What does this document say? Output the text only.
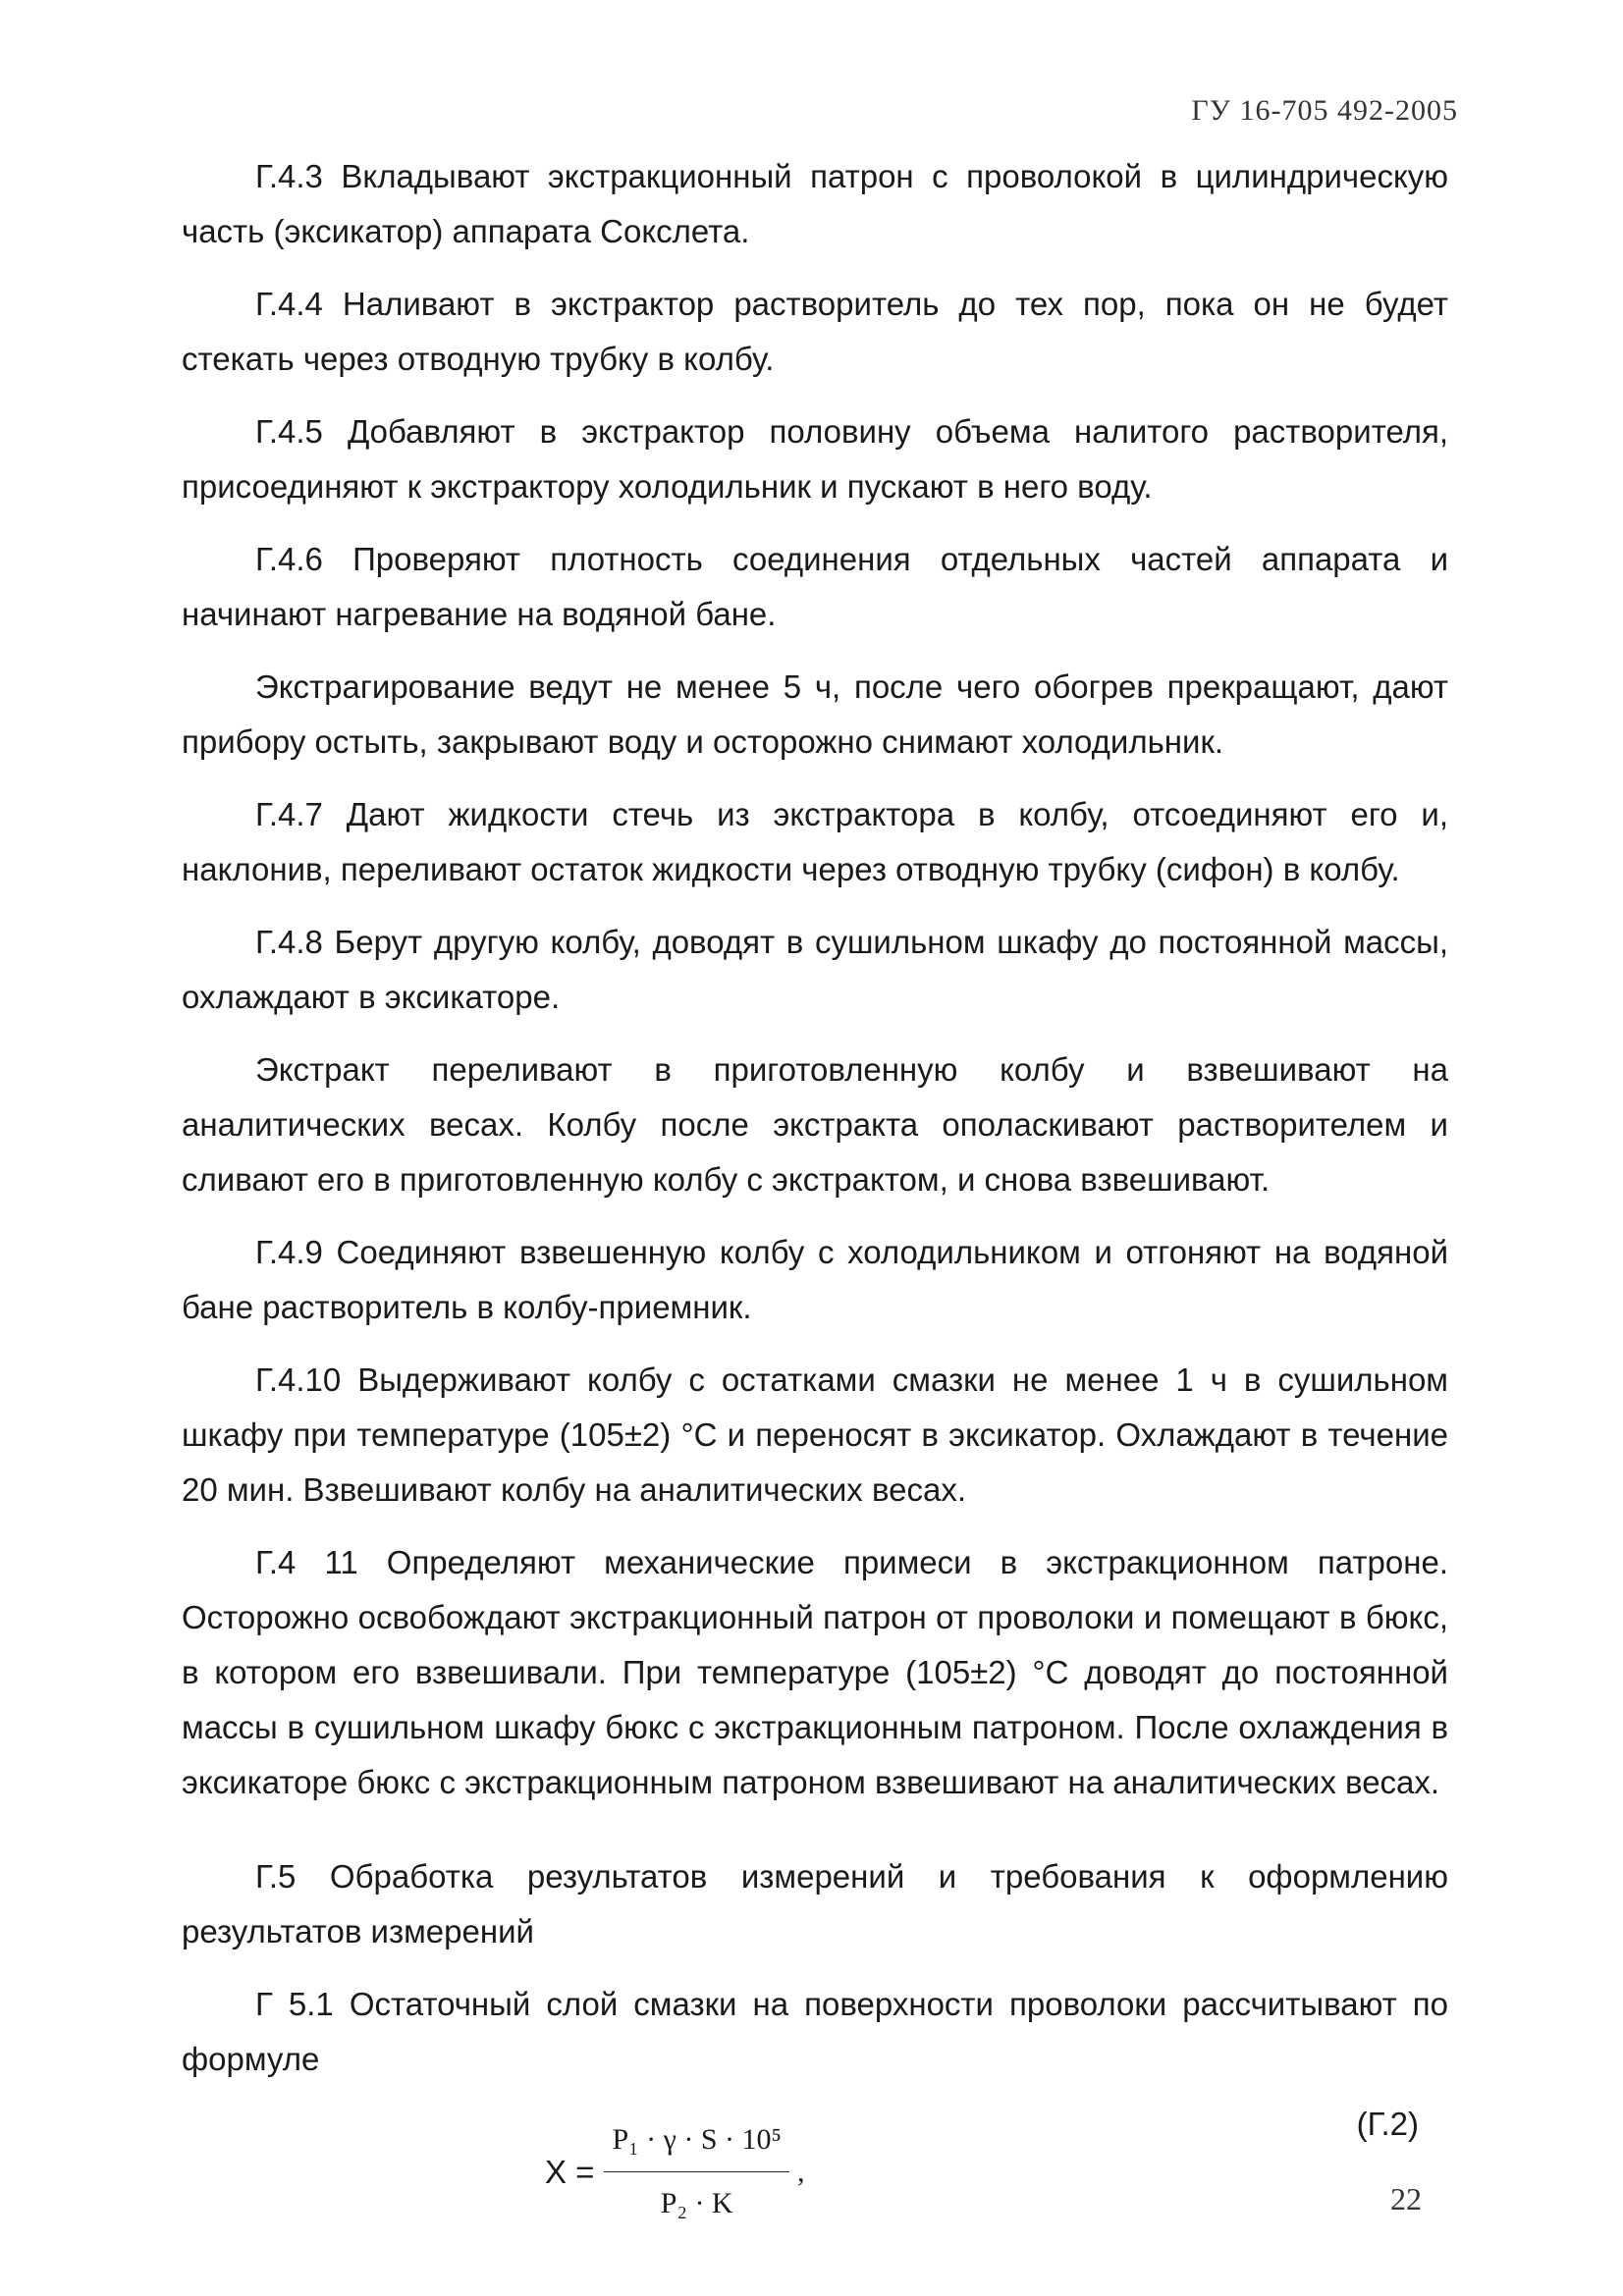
ГУ 16-705 492-2005

Г.4.3 Вкладывают экстракционный патрон с проволокой в цилиндрическую часть (эксикатор) аппарата Сокслета.

Г.4.4 Наливают в экстрактор растворитель до тех пор, пока он не будет стекать через отводную трубку в колбу.

Г.4.5 Добавляют в экстрактор половину объема налитого растворителя, присоединяют к экстрактору холодильник и пускают в него воду.

Г.4.6 Проверяют плотность соединения отдельных частей аппарата и начинают нагревание на водяной бане.

Экстрагирование ведут не менее 5 ч, после чего обогрев прекращают, дают прибору остыть, закрывают воду и осторожно снимают холодильник.

Г.4.7 Дают жидкости стечь из экстрактора в колбу, отсоединяют его и, наклонив, переливают остаток жидкости через отводную трубку (сифон) в колбу.

Г.4.8 Берут другую колбу, доводят в сушильном шкафу до постоянной массы, охлаждают в эксикаторе.

Экстракт переливают в приготовленную колбу и взвешивают на аналитических весах. Колбу после экстракта ополаскивают растворителем и сливают его в приготовленную колбу с экстрактом, и снова взвешивают.

Г.4.9 Соединяют взвешенную колбу с холодильником и отгоняют на водяной бане растворитель в колбу-приемник.

Г.4.10 Выдерживают колбу с остатками смазки не менее 1 ч в сушильном шкафу при температуре (105±2) °С и переносят в эксикатор. Охлаждают в течение 20 мин. Взвешивают колбу на аналитических весах.

Г.4 11 Определяют механические примеси в экстракционном патроне. Осторожно освобождают экстракционный патрон от проволоки и помещают в бюкс, в котором его взвешивали. При температуре (105±2) °С доводят до постоянной массы в сушильном шкафу бюкс с экстракционным патроном. После охлаждения в эксикаторе бюкс с экстракционным патроном взвешивают на аналитических весах.

Г.5 Обработка результатов измерений и требования к оформлению результатов измерений

Г 5.1 Остаточный слой смазки на поверхности проволоки рассчитывают по формуле

$X = \frac{\text{P₁ · γ · S · 10⁵}}{\text{P₂ · K}}$ ,
(Г.2)
22
